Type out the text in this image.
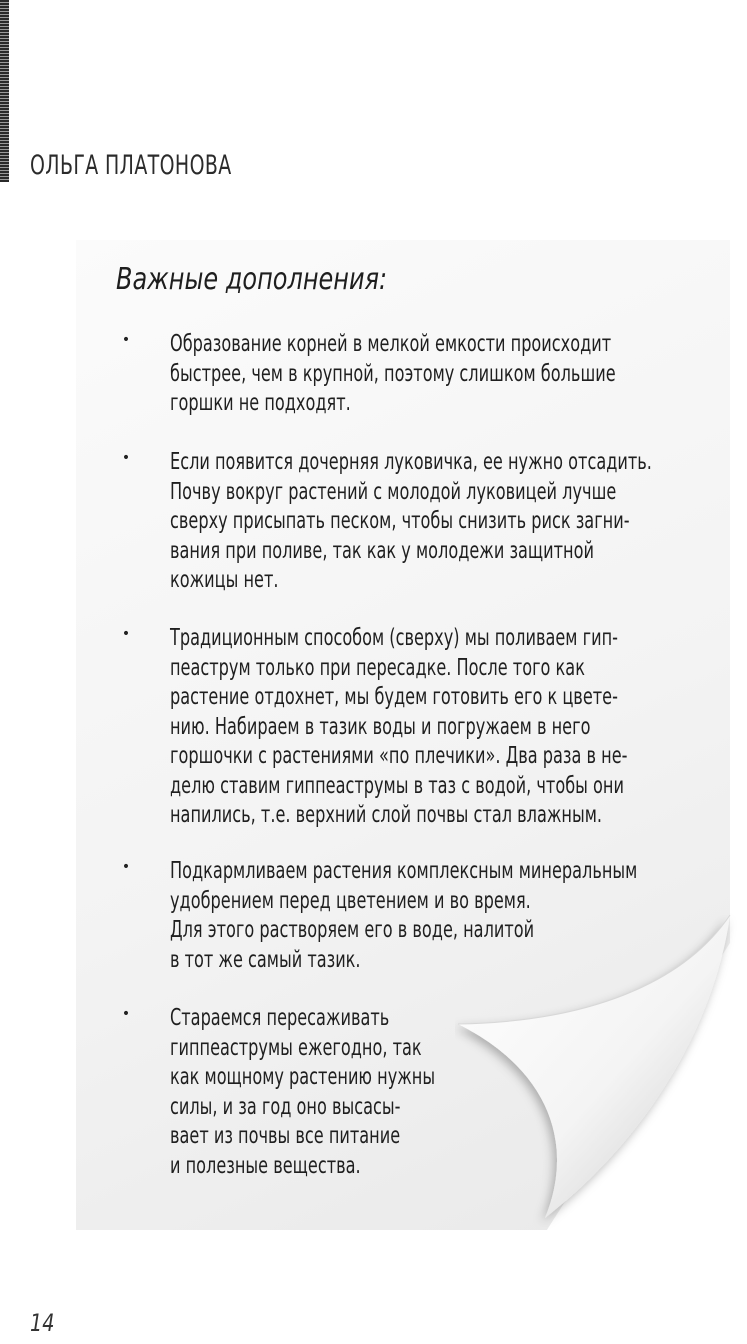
ОЛЬГА ПЛАТОНОВА
Важные дополнения:
• Образование корней в мелкой емкости происходит
быстрее, чем в крупной, поэтому слишком большие
горшки не подходят.
• Если появится дочерняя луковичка, ее нужно отсадить.
Почву вокруг растений с молодой луковицей лучше
сверху присыпать песком, чтобы снизить риск загни-
вания при поливе, так как у молодежи защитной
кожицы нет.
• Традиционным способом (сверху) мы поливаем гип-
пеаструм только при пересадке. После того как
растение отдохнет, мы будем готовить его к цвете-
нию. Набираем в тазик воды и погружаем в него
горшочки с растениями «по плечики». Два раза в не-
делю ставим гиппеаструмы в таз с водой, чтобы они
напились, т.е. верхний слой почвы стал влажным.
• Подкармливаем растения комплексным минеральным
удобрением перед цветением и во время.
Для этого растворяем его в воде, налитой
в тот же самый тазик.
• Стараемся пересаживать
гиппеаструмы ежегодно, так
как мощному растению нужны
силы, и за год оно высасы-
вает из почвы все питание
и полезные вещества.
14
